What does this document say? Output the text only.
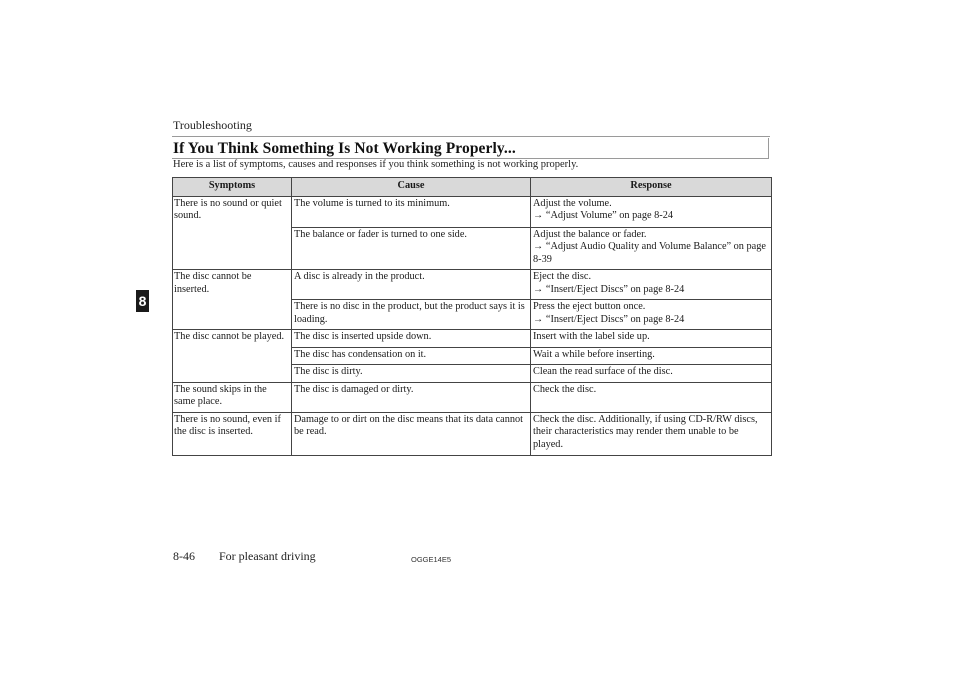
Troubleshooting
If You Think Something Is Not Working Properly...
Here is a list of symptoms, causes and responses if you think something is not working properly.
8
Symptoms	Cause	Response
There is no sound or quiet sound.	The volume is turned to its minimum.	Adjust the volume.
→ “Adjust Volume” on page 8-24

	The balance or fader is turned to one side.	Adjust the balance or fader.
→ “Adjust Audio Quality and Volume Balance” on page 8-39

The disc cannot be inserted.	A disc is already in the product.	Eject the disc.
→ “Insert/Eject Discs” on page 8-24

	There is no disc in the product, but the product says it is loading.	Press the eject button once.
→ “Insert/Eject Discs” on page 8-24

The disc cannot be played.	The disc is inserted upside down.	Insert with the label side up.

	The disc has condensation on it.	Wait a while before inserting.

	The disc is dirty.	Clean the read surface of the disc.

The sound skips in the same place.	The disc is damaged or dirty.	Check the disc.

There is no sound, even if the disc is inserted.	Damage to or dirt on the disc means that its data cannot be read.	Check the disc. Additionally, if using CD-R/RW discs, their characteristics may render them unable to be played.
8-46 For pleasant driving	OGGE14E5
